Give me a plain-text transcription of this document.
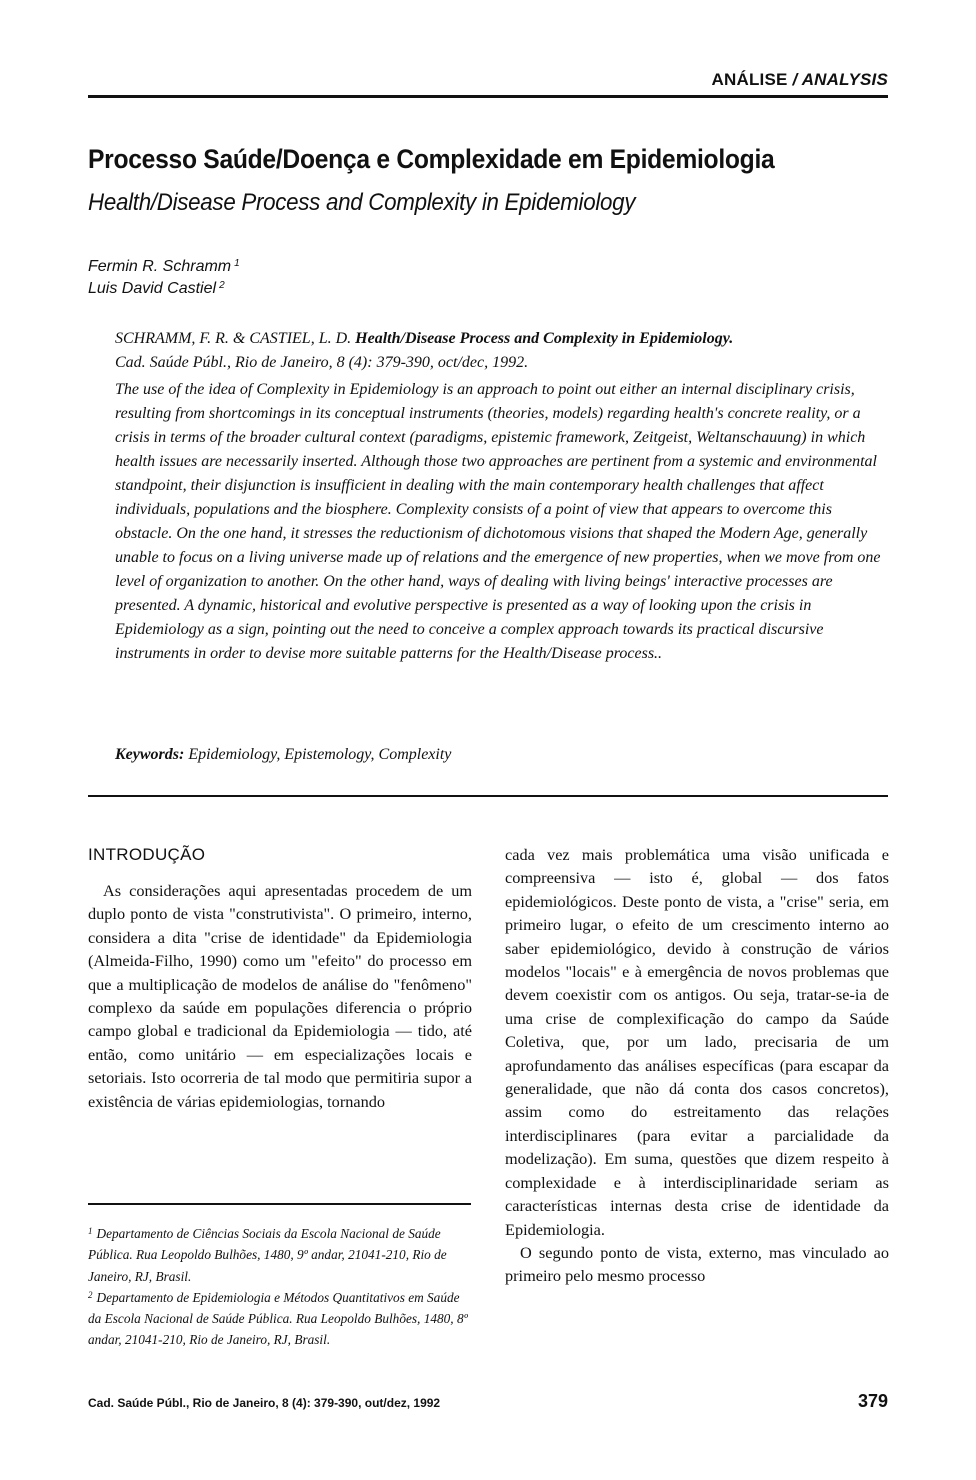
ANÁLISE / ANALYSIS
Processo Saúde/Doença e Complexidade em Epidemiologia
Health/Disease Process and Complexity in Epidemiology
Fermin R. Schramm $^1$
Luis David Castiel $^2$
SCHRAMM, F. R. & CASTIEL, L. D. Health/Disease Process and Complexity in Epidemiology.
Cad. Saúde Públ., Rio de Janeiro, 8 (4): 379-390, oct/dec, 1992.
The use of the idea of Complexity in Epidemiology is an approach to point out either an internal disciplinary crisis, resulting from shortcomings in its conceptual instruments (theories, models) regarding health's concrete reality, or a crisis in terms of the broader cultural context (paradigms, epistemic framework, Zeitgeist, Weltanschauung) in which health issues are necessarily inserted. Although those two approaches are pertinent from a systemic and environmental standpoint, their disjunction is insufficient in dealing with the main contemporary health challenges that affect individuals, populations and the biosphere. Complexity consists of a point of view that appears to overcome this obstacle. On the one hand, it stresses the reductionism of dichotomous visions that shaped the Modern Age, generally unable to focus on a living universe made up of relations and the emergence of new properties, when we move from one level of organization to another. On the other hand, ways of dealing with living beings' interactive processes are presented. A dynamic, historical and evolutive perspective is presented as a way of looking upon the crisis in Epidemiology as a sign, pointing out the need to conceive a complex approach towards its practical discursive instruments in order to devise more suitable patterns for the Health/Disease process..
Keywords: Epidemiology, Epistemology, Complexity
INTRODUÇÃO

As considerações aqui apresentadas procedem de um duplo ponto de vista "construtivista". O primeiro, interno, considera a dita "crise de identidade" da Epidemiologia (Almeida-Filho, 1990) como um "efeito" do processo em que a multiplicação de modelos de análise do "fenômeno" complexo da saúde em populações diferencia o próprio campo global e tradicional da Epidemiologia — tido, até então, como unitário — em especializações locais e setoriais. Isto ocorreria de tal modo que permitiria supor a existência de várias epidemiologias, tornando

cada vez mais problemática uma visão unificada e compreensiva — isto é, global — dos fatos epidemiológicos. Deste ponto de vista, a "crise" seria, em primeiro lugar, o efeito de um crescimento interno ao saber epidemiológico, devido à construção de vários modelos "locais" e à emergência de novos problemas que devem coexistir com os antigos. Ou seja, tratar-se-ia de uma crise de complexificação do campo da Saúde Coletiva, que, por um lado, precisaria de um aprofundamento das análises específicas (para escapar da generalidade, que não dá conta dos casos concretos), assim como do estreitamento das relações interdisciplinares (para evitar a parcialidade da modelização). Em suma, questões que dizem respeito à complexidade e à interdisciplinaridade seriam as características internas desta crise de identidade da Epidemiologia.

O segundo ponto de vista, externo, mas vinculado ao primeiro pelo mesmo processo

$^1$ Departamento de Ciências Sociais da Escola Nacional de Saúde Pública. Rua Leopoldo Bulhões, 1480, 9º andar, 21041-210, Rio de Janeiro, RJ, Brasil.
$^2$ Departamento de Epidemiologia e Métodos Quantitativos em Saúde da Escola Nacional de Saúde Pública. Rua Leopoldo Bulhões, 1480, 8º andar, 21041-210, Rio de Janeiro, RJ, Brasil.
Cad. Saúde Públ., Rio de Janeiro, 8 (4): 379-390, out/dez, 1992	379
